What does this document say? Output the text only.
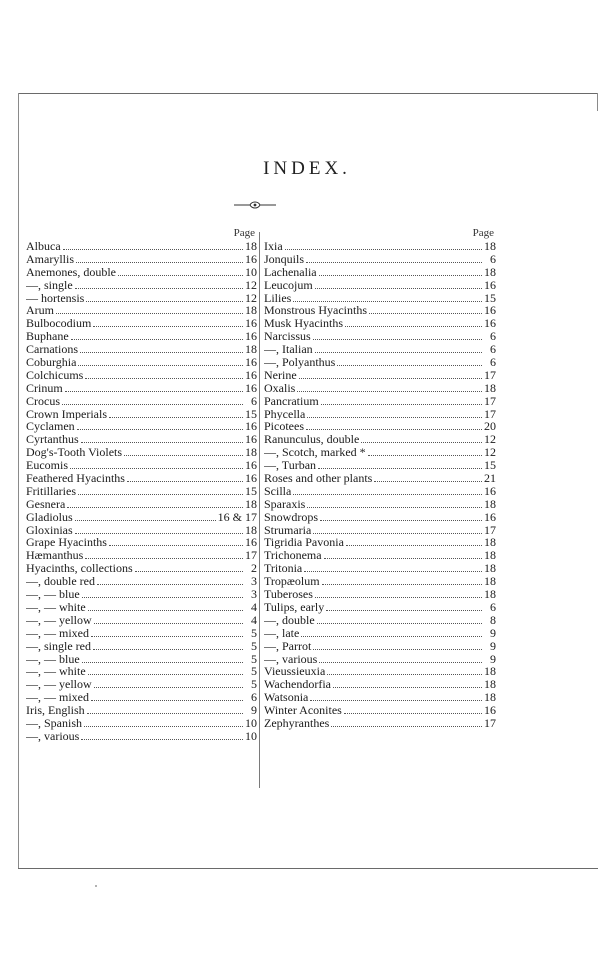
INDEX.
Page
Albuca	18
Amaryllis	16
Anemones, double	10
—, single	12
— hortensis	12
Arum	18
Bulbocodium	16
Buphane	16
Carnations	18
Coburghia	16
Colchicums	16
Crinum	16
Crocus	6
Crown Imperials	15
Cyclamen	16
Cyrtanthus	16
Dog's-Tooth Violets	18
Eucomis	16
Feathered Hyacinths	16
Fritillaries	15
Gesnera	18
Gladiolus	16 & 17
Gloxinias	18
Grape Hyacinths	16
Hæmanthus	17
Hyacinths, collections	2
—, double red	3
—, — blue	3
—, — white	4
—, — yellow	4
—, — mixed	5
—, single red	5
—, — blue	5
—, — white	5
—, — yellow	5
—, — mixed	6
Iris, English	9
—, Spanish	10
—, various	10
Page
Ixia	18
Jonquils	6
Lachenalia	18
Leucojum	16
Lilies	15
Monstrous Hyacinths	16
Musk Hyacinths	16
Narcissus	6
—, Italian	6
—, Polyanthus	6
Nerine	17
Oxalis	18
Pancratium	17
Phycella	17
Picotees	20
Ranunculus, double	12
—, Scotch, marked *	12
—, Turban	15
Roses and other plants	21
Scilla	16
Sparaxis	18
Snowdrops	16
Strumaria	17
Tigridia Pavonia	18
Trichonema	18
Tritonia	18
Tropæolum	18
Tuberoses	18
Tulips, early	6
—, double	8
—, late	9
—, Parrot	9
—, various	9
Vieussieuxia	18
Wachendorfia	18
Watsonia	18
Winter Aconites	16
Zephyranthes	17
